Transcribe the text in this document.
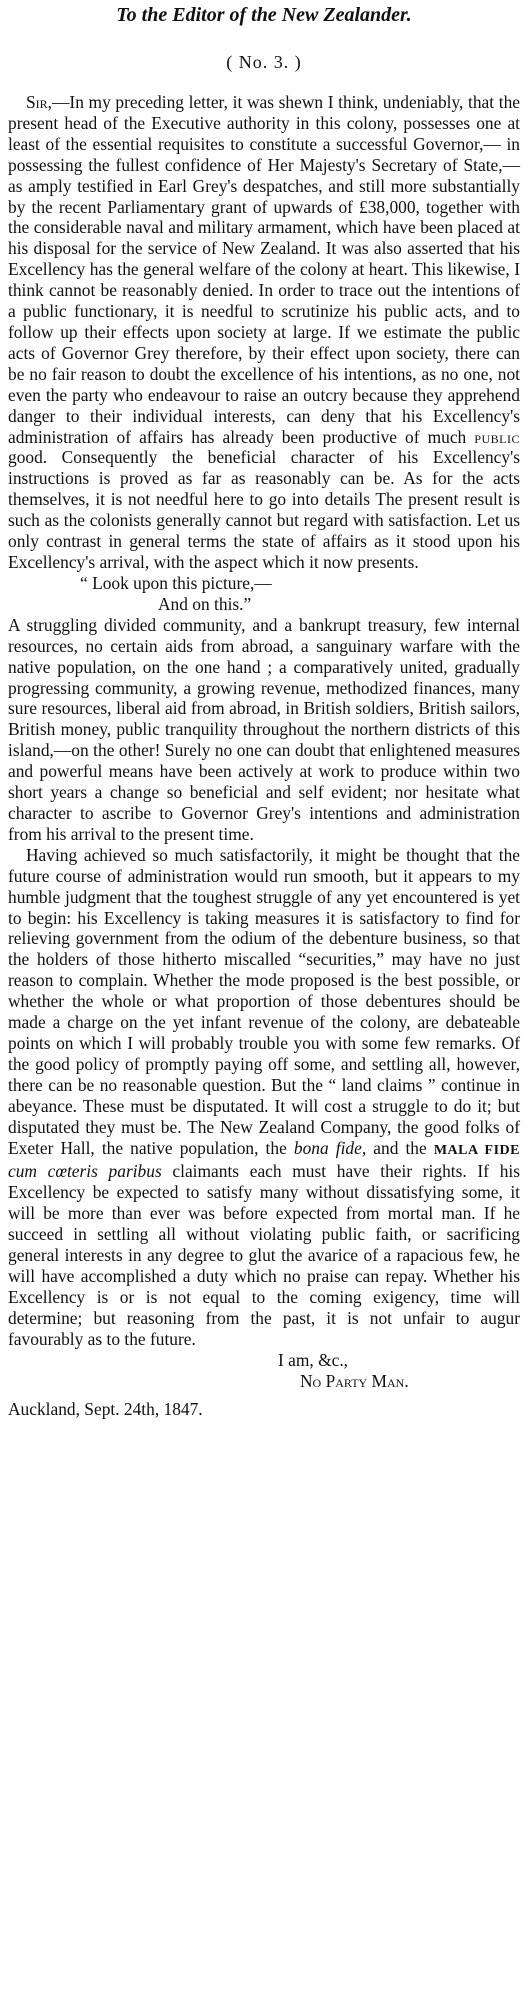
To the Editor of the New Zealander.
( No. 3. )

Sir,—In my preceding letter, it was shewn I think, undeniably, that the present head of the Executive authority in this colony, possesses one at least of the essential requisites to constitute a successful Governor,— in possessing the fullest confidence of Her Majesty's Secretary of State,—as amply testified in Earl Grey's despatches, and still more substantially by the recent Parliamentary grant of upwards of £38,000, together with the considerable naval and military armament, which have been placed at his disposal for the service of New Zealand. It was also asserted that his Excellency has the general welfare of the colony at heart. This likewise, I think cannot be reasonably denied. In order to trace out the intentions of a public functionary, it is needful to scrutinize his public acts, and to follow up their effects upon society at large. If we estimate the public acts of Governor Grey therefore, by their effect upon society, there can be no fair reason to doubt the excellence of his intentions, as no one, not even the party who endeavour to raise an outcry because they apprehend danger to their individual interests, can deny that his Excellency's administration of affairs has already been productive of much public good. Consequently the beneficial character of his Excellency's instructions is proved as far as reasonably can be. As for the acts themselves, it is not needful here to go into details The present result is such as the colonists generally cannot but regard with satisfaction. Let us only contrast in general terms the state of affairs as it stood upon his Excellency's arrival, with the aspect which it now presents.

“ Look upon this picture,—
And on this.”

A struggling divided community, and a bankrupt treasury, few internal resources, no certain aids from abroad, a sanguinary warfare with the native population, on the one hand ; a comparatively united, gradually progressing community, a growing revenue, methodized finances, many sure resources, liberal aid from abroad, in British soldiers, British sailors, British money, public tranquility throughout the northern districts of this island,—on the other! Surely no one can doubt that enlightened measures and powerful means have been actively at work to produce within two short years a change so beneficial and self evident; nor hesitate what character to ascribe to Governor Grey's intentions and administration from his arrival to the present time.

Having achieved so much satisfactorily, it might be thought that the future course of administration would run smooth, but it appears to my humble judgment that the toughest struggle of any yet encountered is yet to begin: his Excellency is taking measures it is satisfactory to find for relieving government from the odium of the debenture business, so that the holders of those hitherto miscalled “securities,” may have no just reason to complain. Whether the mode proposed is the best possible, or whether the whole or what proportion of those debentures should be made a charge on the yet infant revenue of the colony, are debateable points on which I will probably trouble you with some few remarks. Of the good policy of promptly paying off some, and settling all, however, there can be no reasonable question. But the “ land claims ” continue in abeyance. These must be disputated. It will cost a struggle to do it; but disputated they must be. The New Zealand Company, the good folks of Exeter Hall, the native population, the bona fide, and the MALA FIDE cum cœteris paribus claimants each must have their rights. If his Excellency be expected to satisfy many without dissatisfying some, it will be more than ever was before expected from mortal man. If he succeed in settling all without violating public faith, or sacrificing general interests in any degree to glut the avarice of a rapacious few, he will have accomplished a duty which no praise can repay. Whether his Excellency is or is not equal to the coming exigency, time will determine; but reasoning from the past, it is not unfair to augur favourably as to the future.

I am, &c.,
No Party Man.

Auckland, Sept. 24th, 1847.
